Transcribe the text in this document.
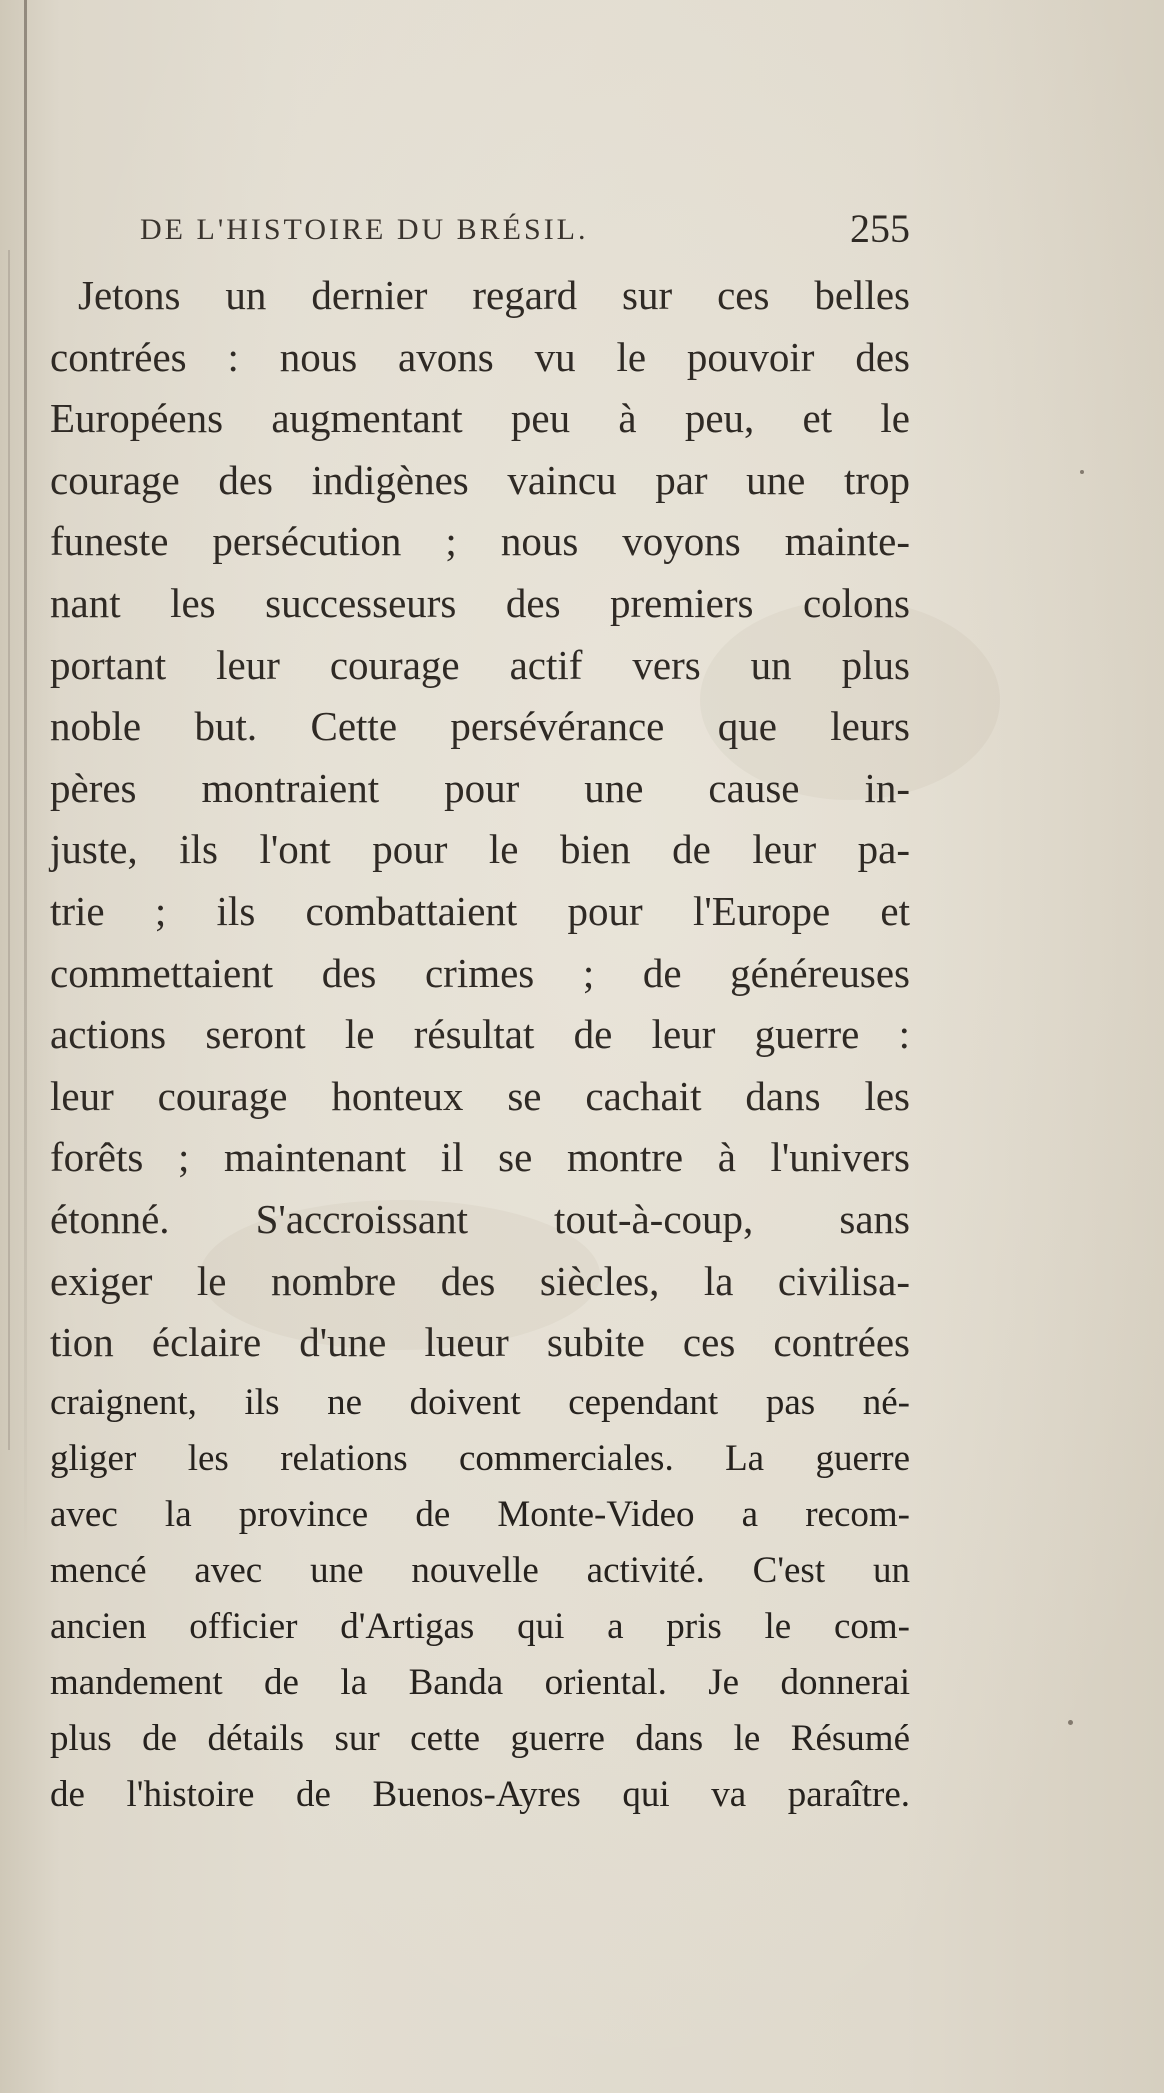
DE L'HISTOIRE DU BRÉSIL.	255
Jetons un dernier regard sur ces belles
contrées : nous avons vu le pouvoir des
Européens augmentant peu à peu, et le
courage des indigènes vaincu par une trop
funeste persécution ; nous voyons mainte-
nant les successeurs des premiers colons
portant leur courage actif vers un plus
noble but. Cette persévérance que leurs
pères montraient pour une cause in-
juste, ils l'ont pour le bien de leur pa-
trie ; ils combattaient pour l'Europe et
commettaient des crimes ; de généreuses
actions seront le résultat de leur guerre :
leur courage honteux se cachait dans les
forêts ; maintenant il se montre à l'univers
étonné. S'accroissant tout-à-coup, sans
exiger le nombre des siècles, la civilisa-
tion éclaire d'une lueur subite ces contrées
craignent, ils ne doivent cependant pas né-
gliger les relations commerciales. La guerre
avec la province de Monte-Video a recom-
mencé avec une nouvelle activité. C'est un
ancien officier d'Artigas qui a pris le com-
mandement de la Banda oriental. Je donnerai
plus de détails sur cette guerre dans le Résumé
de l'histoire de Buenos-Ayres qui va paraître.
